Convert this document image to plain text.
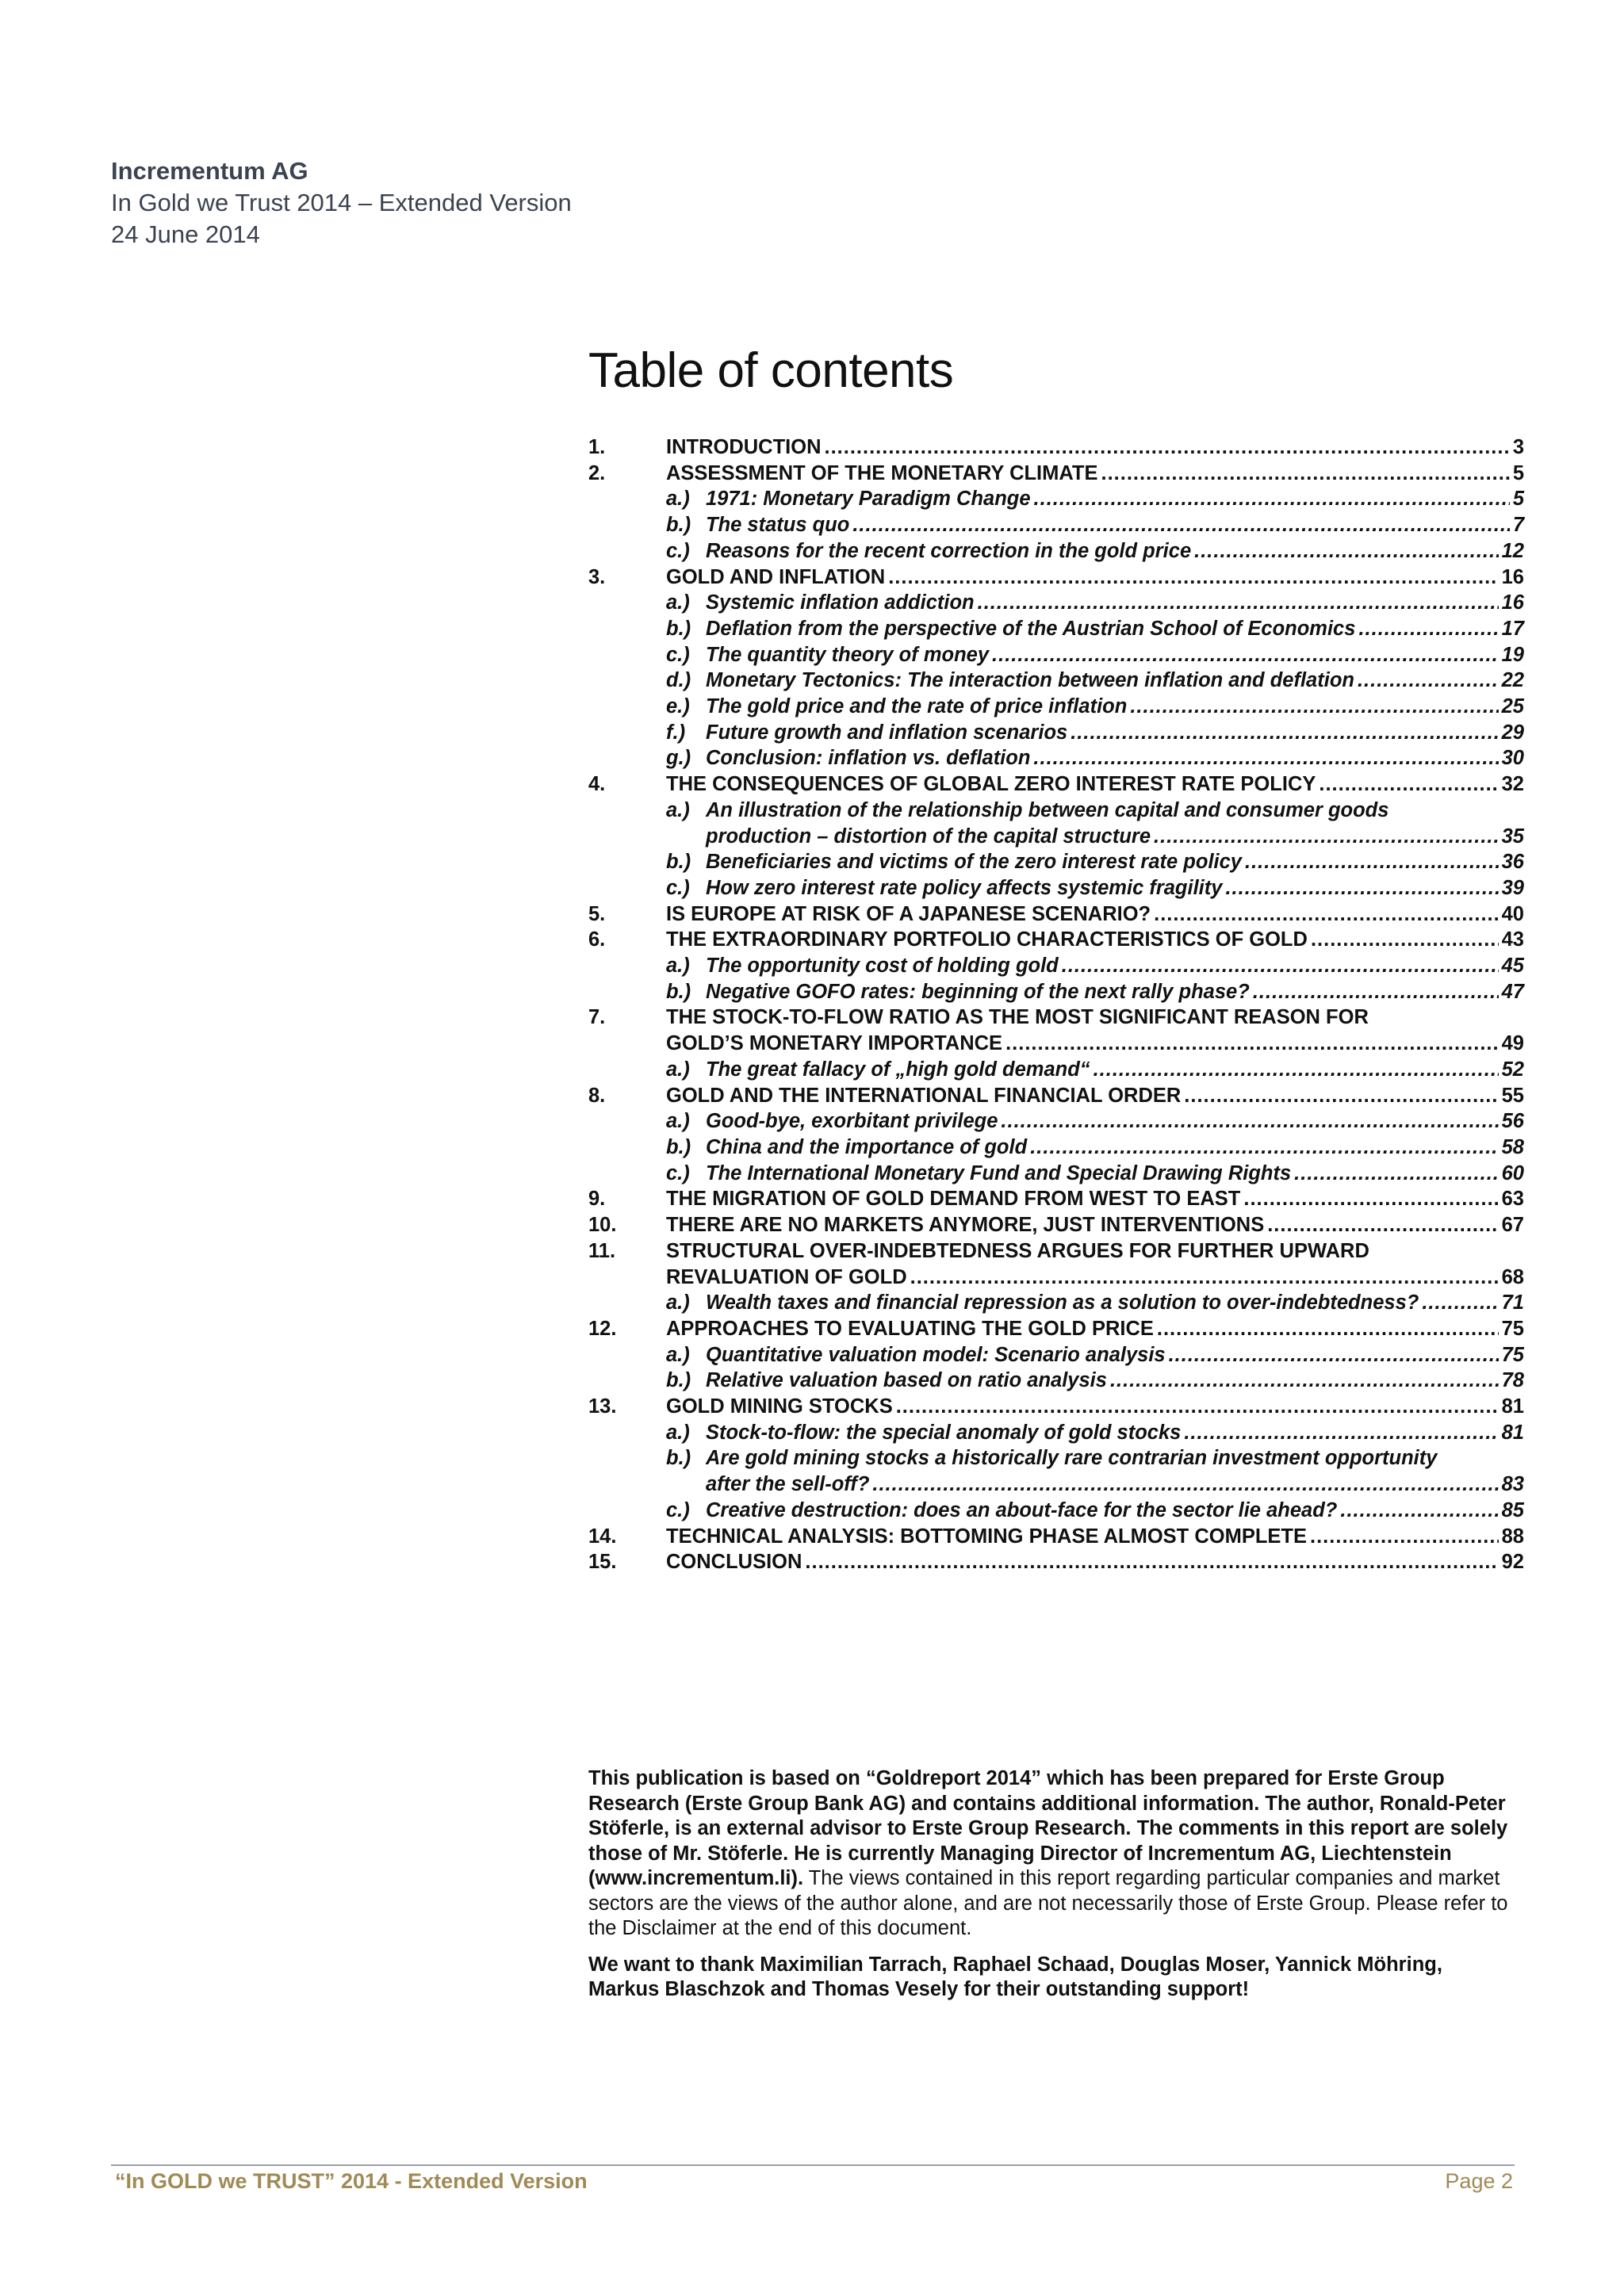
Incrementum AG
In Gold we Trust 2014 – Extended Version
24 June 2014
Table of contents
1.	INTRODUCTION .....	3
2.	ASSESSMENT OF THE MONETARY CLIMATE .....	5
a.) 1971: Monetary Paradigm Change .....	5
b.) The status quo .....	7
c.) Reasons for the recent correction in the gold price .....	12
3.	GOLD AND INFLATION .....	16
a.) Systemic inflation addiction .....	16
b.) Deflation from the perspective of the Austrian School of Economics .....	17
c.) The quantity theory of money .....	19
d.) Monetary Tectonics: The interaction between inflation and deflation .....	22
e.) The gold price and the rate of price inflation .....	25
f.)	Future growth and inflation scenarios .....	29
g.) Conclusion: inflation vs. deflation .....	30
4.	THE CONSEQUENCES OF GLOBAL ZERO INTEREST RATE POLICY .....	32
a.) An illustration of the relationship between capital and consumer goods
production – distortion of the capital structure .....	35
b.) Beneficiaries and victims of the zero interest rate policy .....	36
c.) How zero interest rate policy affects systemic fragility .....	39
5.	IS EUROPE AT RISK OF A JAPANESE SCENARIO? .....	40
6.	THE EXTRAORDINARY PORTFOLIO CHARACTERISTICS OF GOLD .....	43
a.) The opportunity cost of holding gold .....	45
b.) Negative GOFO rates: beginning of the next rally phase? .....	47
7.	THE STOCK-TO-FLOW RATIO AS THE MOST SIGNIFICANT REASON FOR
GOLD’S MONETARY IMPORTANCE .....	49
a.) The great fallacy of „high gold demand“ .....	52
8.	GOLD AND THE INTERNATIONAL FINANCIAL ORDER .....	55
a.) Good-bye, exorbitant privilege .....	56
b.) China and the importance of gold .....	58
c.) The International Monetary Fund and Special Drawing Rights .....	60
9.	THE MIGRATION OF GOLD DEMAND FROM WEST TO EAST .....	63
10.	THERE ARE NO MARKETS ANYMORE, JUST INTERVENTIONS .....	67
11.	STRUCTURAL OVER-INDEBTEDNESS ARGUES FOR FURTHER UPWARD
REVALUATION OF GOLD .....	68
a.) Wealth taxes and financial repression as a solution to over-indebtedness? .....	71
12.	APPROACHES TO EVALUATING THE GOLD PRICE .....	75
a.) Quantitative valuation model: Scenario analysis .....	75
b.) Relative valuation based on ratio analysis .....	78
13.	GOLD MINING STOCKS .....	81
a.) Stock-to-flow: the special anomaly of gold stocks .....	81
b.) Are gold mining stocks a historically rare contrarian investment opportunity
after the sell-off? .....	83
c.) Creative destruction: does an about-face for the sector lie ahead? .....	85
14.	TECHNICAL ANALYSIS: BOTTOMING PHASE ALMOST COMPLETE .....	88
15.	CONCLUSION .....	92

This publication is based on “Goldreport 2014” which has been prepared for Erste Group Research (Erste Group Bank AG) and contains additional information. The author, Ronald-Peter Stöferle, is an external advisor to Erste Group Research. The comments in this report are solely those of Mr. Stöferle. He is currently Managing Director of Incrementum AG, Liechtenstein (www.incrementum.li). The views contained in this report regarding particular companies and market sectors are the views of the author alone, and are not necessarily those of Erste Group. Please refer to the Disclaimer at the end of this document.

We want to thank Maximilian Tarrach, Raphael Schaad, Douglas Moser, Yannick Möhring, Markus Blaschzok and Thomas Vesely for their outstanding support!

“In GOLD we TRUST” 2014 - Extended Version	Page 2
